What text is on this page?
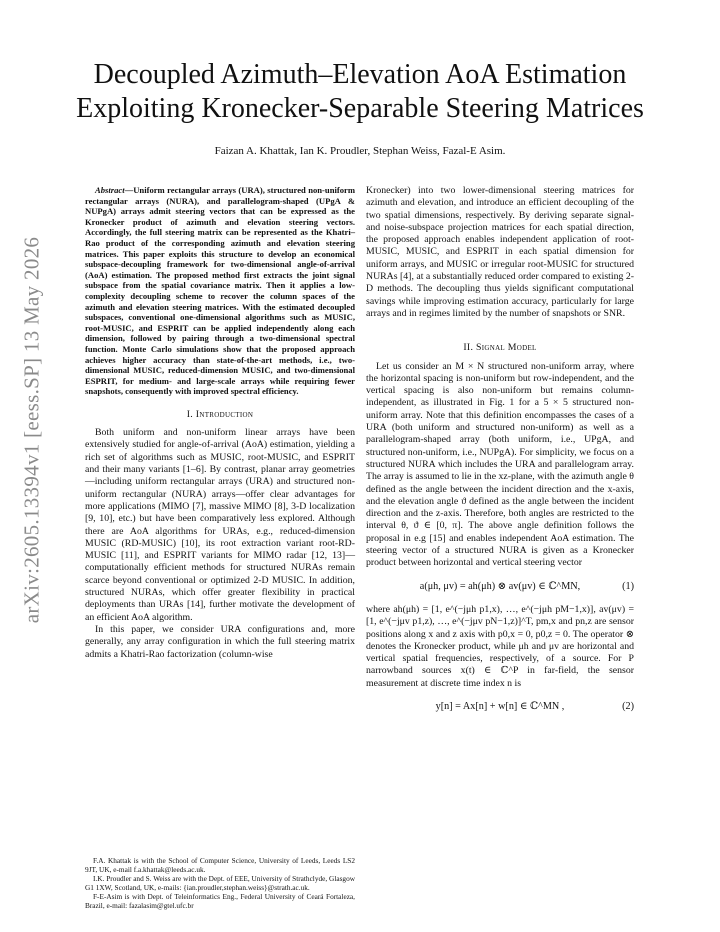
arXiv:2605.13394v1 [eess.SP] 13 May 2026
Decoupled Azimuth–Elevation AoA Estimation
Exploiting Kronecker-Separable Steering Matrices
Faizan A. Khattak, Ian K. Proudler, Stephan Weiss, Fazal-E Asim.

Abstract—Uniform rectangular arrays (URA), structured non-uniform rectangular arrays (NURA), and parallelogram-shaped (UPgA & NUPgA) arrays admit steering vectors that can be expressed as the Kronecker product of azimuth and elevation steering vectors. Accordingly, the full steering matrix can be represented as the Khatri–Rao product of the corresponding azimuth and elevation steering matrices. This paper exploits this structure to develop an economical subspace-decoupling framework for two-dimensional angle-of-arrival (AoA) estimation. The proposed method first extracts the joint signal subspace from the spatial covariance matrix. Then it applies a low-complexity decoupling scheme to recover the column spaces of the azimuth and elevation steering matrices. With the estimated decoupled subspaces, conventional one-dimensional algorithms such as MUSIC, root-MUSIC, and ESPRIT can be applied independently along each dimension, followed by pairing through a two-dimensional spectral function. Monte Carlo simulations show that the proposed approach achieves higher accuracy than state-of-the-art methods, i.e., two-dimensional MUSIC, reduced-dimension MUSIC, and two-dimensional ESPRIT, for medium- and large-scale arrays while requiring fewer snapshots, consequently with improved spectral efficiency.

I. Introduction

Both uniform and non-uniform linear arrays have been extensively studied for angle-of-arrival (AoA) estimation, yielding a rich set of algorithms such as MUSIC, root-MUSIC, and ESPRIT and their many variants [1–6]. By contrast, planar array geometries—including uniform rectangular arrays (URA) and structured non-uniform rectangular (NURA) arrays—offer clear advantages for more applications (MIMO [7], massive MIMO [8], 3-D localization [9, 10], etc.) but have been comparatively less explored. Although there are AoA algorithms for URAs, e.g., reduced-dimension MUSIC (RD-MUSIC) [10], its root extraction variant root-RD-MUSIC [11], and ESPRIT variants for MIMO radar [12, 13]—computationally efficient methods for structured NURAs remain scarce beyond conventional or optimized 2-D MUSIC. In addition, structured NURAs, which offer greater flexibility in practical deployments than URAs [14], further motivate the development of an efficient AoA algorithm.

In this paper, we consider URA configurations and, more generally, any array configuration in which the full steering matrix admits a Khatri-Rao factorization (column-wise

F.A. Khattak is with the School of Computer Science, University of Leeds, Leeds LS2 9JT, UK, e-mail f.a.khattak@leeds.ac.uk.

I.K. Proudler and S. Weiss are with the Dept. of EEE, University of Strathclyde, Glasgow G1 1XW, Scotland, UK, e-mails: {ian.proudler,stephan.weiss}@strath.ac.uk.

F-E-Asim is with Dept. of Teleinformatics Eng., Federal University of Ceará Fortaleza, Brazil, e-mail: fazalasim@gtel.ufc.br

Kronecker) into two lower-dimensional steering matrices for azimuth and elevation, and introduce an efficient decoupling of the two spatial dimensions, respectively. By deriving separate signal- and noise-subspace projection matrices for each spatial direction, the proposed approach enables independent application of root-MUSIC, MUSIC, and ESPRIT in each spatial dimension for uniform arrays, and MUSIC or irregular root-MUSIC for structured NURAs [4], at a substantially reduced order compared to existing 2-D methods. The decoupling thus yields significant computational savings while improving estimation accuracy, particularly for large arrays and in regimes limited by the number of snapshots or SNR.

II. Signal Model

Let us consider an M × N structured non-uniform array, where the horizontal spacing is non-uniform but row-independent, and the vertical spacing is also non-uniform but remains column-independent, as illustrated in Fig. 1 for a 5 × 5 structured non-uniform array. Note that this definition encompasses the cases of a URA (both uniform and structured non-uniform) as well as a parallelogram-shaped array (both uniform, i.e., UPgA, and structured non-uniform, i.e., NUPgA). For simplicity, we focus on a structured NURA which includes the URA and parallelogram array. The array is assumed to lie in the xz-plane, with the azimuth angle θ defined as the angle between the incident direction and the x-axis, and the elevation angle ϑ defined as the angle between the incident direction and the z-axis. Therefore, both angles are restricted to the interval θ, ϑ ∈ [0, π]. The above angle definition follows the proposal in e.g [15] and enables independent AoA estimation. The steering vector of a structured NURA is given as a Kronecker product between horizontal and vertical steering vector

a(μh, μv) = ah(μh) ⊗ av(μv) ∈ ℂ^MN,	(1)

where ah(μh) = [1, e^(−jμh p1,x), …, e^(−jμh pM−1,x)], av(μv) = [1, e^(−jμv p1,z), …, e^(−jμv pN−1,z)]^T, pm,x and pn,z are sensor positions along x and z axis with p0,x = 0, p0,z = 0. The operator ⊗ denotes the Kronecker product, while μh and μv are horizontal and vertical spatial frequencies, respectively, of a source. For P narrowband sources x(t) ∈ ℂ^P in far-field, the sensor measurement at discrete time index n is

y[n] = Ax[n] + w[n] ∈ ℂ^MN ,	(2)
